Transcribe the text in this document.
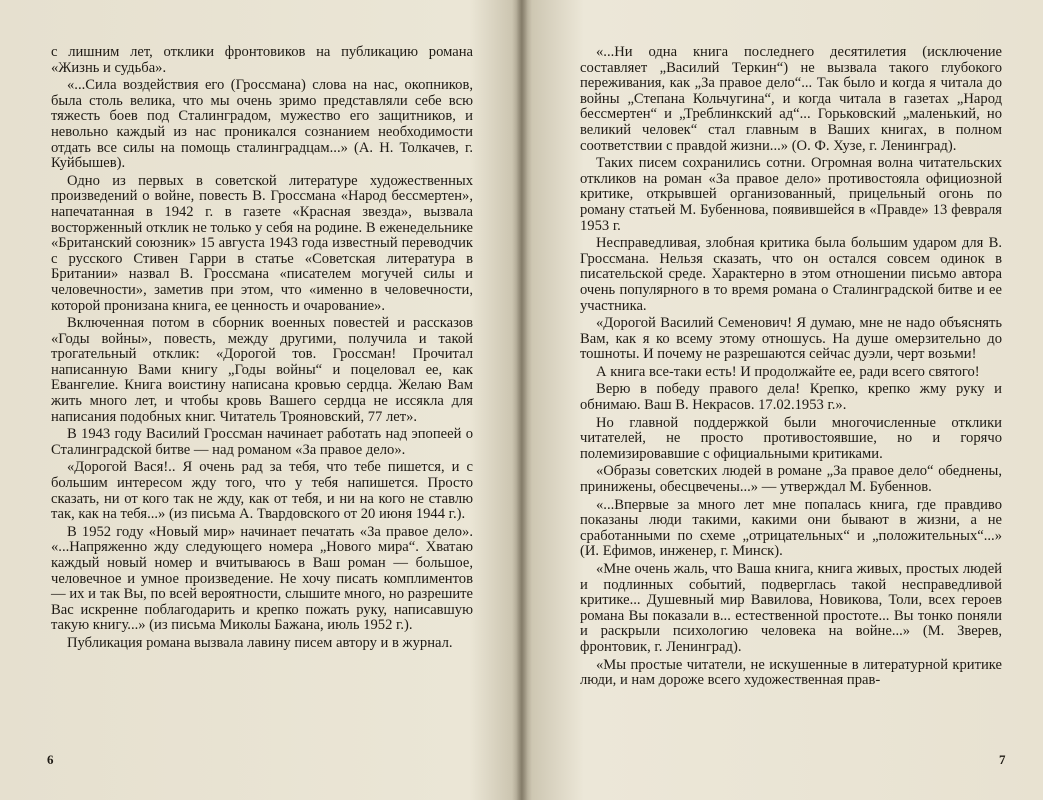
с лишним лет, отклики фронтовиков на публикацию романа «Жизнь и судьба».

«...Сила воздействия его (Гроссмана) слова на нас, окопников, была столь велика, что мы очень зримо представляли себе всю тяжесть боев под Сталинградом, мужество его защитников, и невольно каждый из нас проникался сознанием необходимости отдать все силы на помощь сталинградцам...» (А. Н. Толкачев, г. Куйбышев).

Одно из первых в советской литературе художественных произведений о войне, повесть В. Гроссмана «Народ бессмертен», напечатанная в 1942 г. в газете «Красная звезда», вызвала восторженный отклик не только у себя на родине. В еженедельнике «Британский союзник» 15 августа 1943 года известный переводчик с русского Стивен Гарри в статье «Советская литература в Британии» назвал В. Гроссмана «писателем могучей силы и человечности», заметив при этом, что «именно в человечности, которой пронизана книга, ее ценность и очарование».

Включенная потом в сборник военных повестей и рассказов «Годы войны», повесть, между другими, получила и такой трогательный отклик: «Дорогой тов. Гроссман! Прочитал написанную Вами книгу „Годы войны“ и поцеловал ее, как Евангелие. Книга воистину написана кровью сердца. Желаю Вам жить много лет, и чтобы кровь Вашего сердца не иссякла для написания подобных книг. Читатель Трояновский, 77 лет».

В 1943 году Василий Гроссман начинает работать над эпопеей о Сталинградской битве — над романом «За правое дело».

«Дорогой Вася!.. Я очень рад за тебя, что тебе пишется, и с большим интересом жду того, что у тебя напишется. Просто сказать, ни от кого так не жду, как от тебя, и ни на кого не ставлю так, как на тебя...» (из письма А. Твардовского от 20 июня 1944 г.).

В 1952 году «Новый мир» начинает печатать «За правое дело». «...Напряженно жду следующего номера „Нового мира“. Хватаю каждый новый номер и вчитываюсь в Ваш роман — большое, человечное и умное произведение. Не хочу писать комплиментов — их и так Вы, по всей вероятности, слышите много, но разрешите Вас искренне поблагодарить и крепко пожать руку, написавшую такую книгу...» (из письма Миколы Бажана, июль 1952 г.).

Публикация романа вызвала лавину писем автору и в журнал.

6

«...Ни одна книга последнего десятилетия (исключение составляет „Василий Теркин“) не вызвала такого глубокого переживания, как „За правое дело“... Так было и когда я читала до войны „Степана Кольчугина“, и когда читала в газетах „Народ бессмертен“ и „Треблинкский ад“... Горьковский „маленький, но великий человек“ стал главным в Ваших книгах, в полном соответствии с правдой жизни...» (О. Ф. Хузе, г. Ленинград).

Таких писем сохранились сотни. Огромная волна читательских откликов на роман «За правое дело» противостояла официозной критике, открывшей организованный, прицельный огонь по роману статьей М. Бубеннова, появившейся в «Правде» 13 февраля 1953 г.

Несправедливая, злобная критика была большим ударом для В. Гроссмана. Нельзя сказать, что он остался совсем одинок в писательской среде. Характерно в этом отношении письмо автора очень популярного в то время романа о Сталинградской битве и ее участника.

«Дорогой Василий Семенович! Я думаю, мне не надо объяснять Вам, как я ко всему этому отношусь. На душе омерзительно до тошноты. И почему не разрешаются сейчас дуэли, черт возьми!

А книга все-таки есть! И продолжайте ее, ради всего святого!

Верю в победу правого дела! Крепко, крепко жму руку и обнимаю. Ваш В. Некрасов. 17.02.1953 г.».

Но главной поддержкой были многочисленные отклики читателей, не просто противостоявшие, но и горячо полемизировавшие с официальными критиками.

«Образы советских людей в романе „За правое дело“ обеднены, принижены, обесцвечены...» — утверждал М. Бубеннов.

«...Впервые за много лет мне попалась книга, где правдиво показаны люди такими, какими они бывают в жизни, а не сработанными по схеме „отрицательных“ и „положительных“...» (И. Ефимов, инженер, г. Минск).

«Мне очень жаль, что Ваша книга, книга живых, простых людей и подлинных событий, подверглась такой несправедливой критике... Душевный мир Вавилова, Новикова, Толи, всех героев романа Вы показали в... естественной простоте... Вы тонко поняли и раскрыли психологию человека на войне...» (М. Зверев, фронтовик, г. Ленинград).

«Мы простые читатели, не искушенные в литературной критике люди, и нам дороже всего художественная прав-

7
